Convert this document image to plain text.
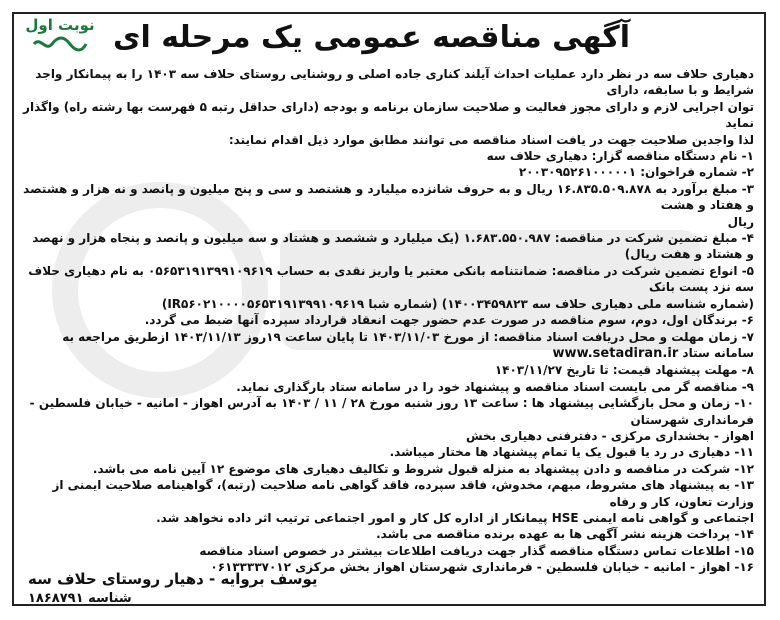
نوبت اول آگهی مناقصه عمومی یک مرحله ای

دهیاری حلاف سه در نظر دارد عملیات احداث آیلند کناری جاده اصلی و روشنایی روستای حلاف سه ۱۴۰۳ را به پیمانکار واجد شرایط و با سابقه، دارای

توان اجرایی لازم و دارای مجوز فعالیت و صلاحیت سازمان برنامه و بودجه (دارای حداقل رتبه ۵ فهرست بها رشته راه) واگذار نماید

لذا واجدین صلاحیت جهت در یافت اسناد مناقصه می توانند مطابق موارد ذیل اقدام نمایند:

۱- نام دستگاه مناقصه گزار: دهیاری حلاف سه

۲- شماره فراخوان: ۲۰۰۳۰۹۵۲۶۱۰۰۰۰۰۱

۳- مبلغ برآورد به ۱۶.۸۳۵.۵۰۹.۸۷۸ ریال و به حروف شانزده میلیارد و هشتصد و سی و پنج میلیون و پانصد و نه هزار و هشتصد و هفتاد و هشت

ریال

۴- مبلغ تضمین شرکت در مناقصه: ۱.۶۸۳.۵۵۰.۹۸۷ (یک میلیارد و ششصد و هشتاد و سه میلیون و پانصد و پنجاه هزار و نهصد و هشتاد و هفت ریال)

۵- انواع تضمین شرکت در مناقصه: ضمانتنامه بانکی معتبر یا واریز نقدی به حساب ۰۵۶۵۳۱۹۱۳۹۹۱۰۹۶۱۹ به نام دهیاری حلاف سه نزد پست بانک

(شماره شناسه ملی دهیاری حلاف سه ۱۴۰۰۳۴۵۹۸۲۳) (شماره شبا IR۵۶۰۲۱۰۰۰۰۵۶۵۳۱۹۱۳۹۹۱۰۹۶۱۹)

۶- برندگان اول، دوم، سوم مناقصه در صورت عدم حضور جهت انعقاد قرارداد سپرده آنها ضبط می گردد.

۷- زمان مهلت و محل دریافت اسناد مناقصه: از مورخ ۱۴۰۳/۱۱/۰۳ تا پایان ساعت ۱۹روز ۱۴۰۳/۱۱/۱۳ ازطریق مراجعه به سامانه ستاد www.setadiran.ir

۸- مهلت پیشنهاد قیمت: تا تاریخ ۱۴۰۳/۱۱/۲۷

۹- مناقصه گر می بایست اسناد مناقصه و پیشنهاد خود را در سامانه ستاد بارگذاری نماید.

۱۰- زمان و محل بازگشایی پیشنهاد ها : ساعت ۱۳ روز شنبه مورخ ۲۸ / ۱۱ / ۱۴۰۳ به آدرس اهواز - امانیه - خیابان فلسطین - فرمانداری شهرستان

اهواز - بخشداری مرکزی - دفترفنی دهیاری بخش

۱۱- دهیاری در رد یا قبول یک یا تمام پیشنهاد ها مختار میباشد.

۱۲- شرکت در مناقصه و دادن پیشنهاد به منزله قبول شروط و تکالیف دهیاری های موضوع ۱۲ آیین نامه می باشد.

۱۳- به پیشنهاد های مشروط، مبهم، مخدوش، فاقد سپرده، فاقد گواهی نامه صلاحیت (رتبه)، گواهینامه صلاحیت ایمنی از وزارت تعاون، کار و رفاه

اجتماعی و گواهی نامه ایمنی HSE پیمانکار از اداره کل کار و امور اجتماعی ترتیب اثر داده نخواهد شد.

۱۴- پرداخت هزینه نشر آگهی ها به عهده برنده مناقصه می باشد.

۱۵- اطلاعات تماس دستگاه مناقصه گذار جهت دریافت اطلاعات بیشتر در خصوص اسناد مناقصه

۱۶- اهواز - امانیه - خیابان فلسطین - فرمانداری شهرستان اهواز بخش مرکزی ۰۶۱۳۳۳۳۷۰۱۲

یوسف بروایه - دهیار روستای حلاف سه
شناسه ۱۸۶۸۷۹۱
